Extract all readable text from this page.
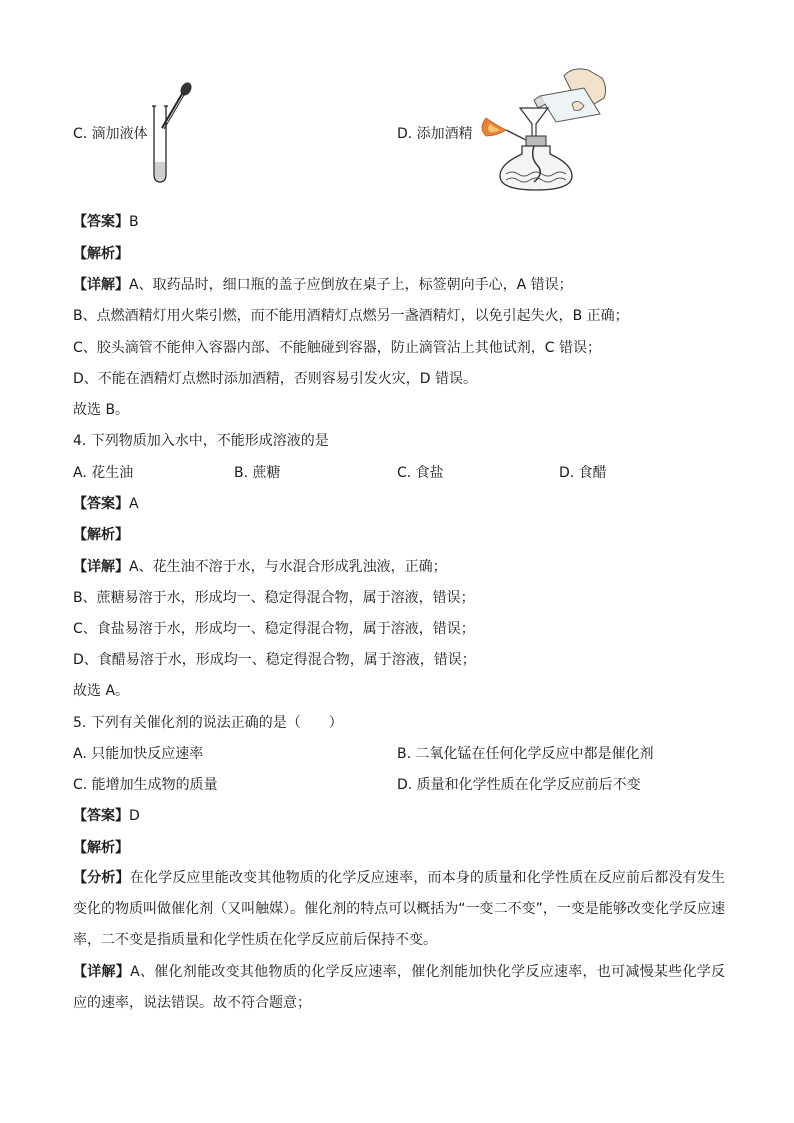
C. 滴加液体	D. 添加酒精
【答案】B
【解析】
【详解】A、取药品时，细口瓶的盖子应倒放在桌子上，标签朝向手心，A 错误；
B、点燃酒精灯用火柴引燃，而不能用酒精灯点燃另一盏酒精灯，以免引起失火，B 正确；
C、胶头滴管不能伸入容器内部、不能触碰到容器，防止滴管沾上其他试剂，C 错误；
D、不能在酒精灯点燃时添加酒精，否则容易引发火灾，D 错误。
故选 B。
4. 下列物质加入水中，不能形成溶液的是
A. 花生油	B. 蔗糖	C. 食盐	D. 食醋
【答案】A
【解析】
【详解】A、花生油不溶于水，与水混合形成乳浊液，正确；
B、蔗糖易溶于水，形成均一、稳定得混合物，属于溶液，错误；
C、食盐易溶于水，形成均一、稳定得混合物，属于溶液，错误；
D、食醋易溶于水，形成均一、稳定得混合物，属于溶液，错误；
故选 A。
5. 下列有关催化剂的说法正确的是（　　）
A. 只能加快反应速率	B. 二氧化锰在任何化学反应中都是催化剂
C. 能增加生成物的质量	D. 质量和化学性质在化学反应前后不变
【答案】D
【解析】
【分析】在化学反应里能改变其他物质的化学反应速率，而本身的质量和化学性质在反应前后都没有发生变化的物质叫做催化剂（又叫触媒）。催化剂的特点可以概括为“一变二不变”，一变是能够改变化学反应速率，二不变是指质量和化学性质在化学反应前后保持不变。
【详解】A、催化剂能改变其他物质的化学反应速率，催化剂能加快化学反应速率，也可减慢某些化学反应的速率，说法错误。故不符合题意；
